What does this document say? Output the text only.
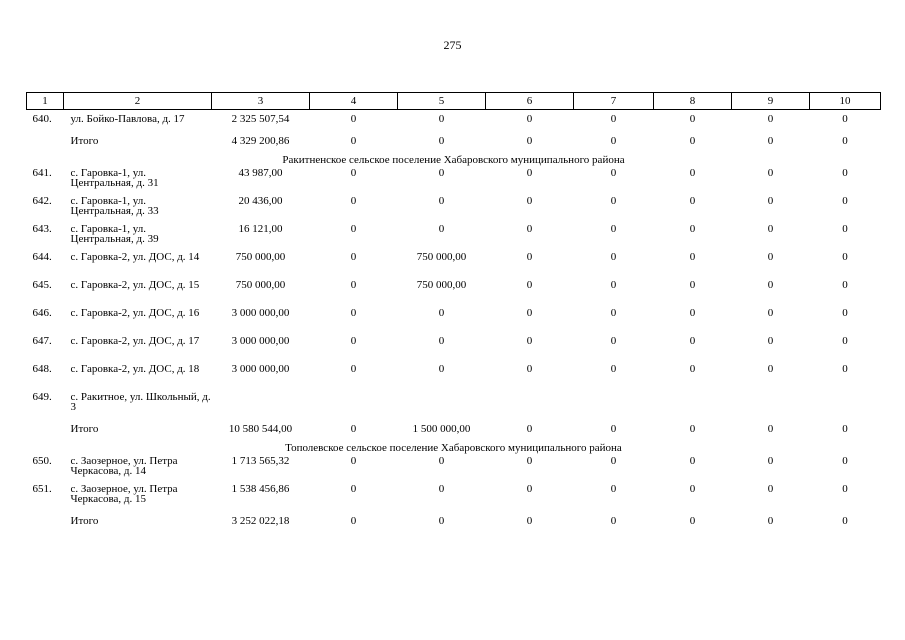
275
1	2	3	4	5	6	7	8	9	10
640.	ул. Бойко-Павлова, д. 17	2 325 507,54	0	0	0	0	0	0	0
	Итого	4 329 200,86	0	0	0	0	0	0	0
Ракитненское сельское поселение Хабаровского муниципального района									
641.	с. Гаровка-1, ул. Центральная, д. 31	43 987,00	0	0	0	0	0	0	0
642.	с. Гаровка-1, ул. Центральная, д. 33	20 436,00	0	0	0	0	0	0	0
643.	с. Гаровка-1, ул. Центральная, д. 39	16 121,00	0	0	0	0	0	0	0
644.	с. Гаровка-2, ул. ДОС, д. 14	750 000,00	0	750 000,00	0	0	0	0	0
645.	с. Гаровка-2, ул. ДОС, д. 15	750 000,00	0	750 000,00	0	0	0	0	0
646.	с. Гаровка-2, ул. ДОС, д. 16	3 000 000,00	0	0	0	0	0	0	0
647.	с. Гаровка-2, ул. ДОС, д. 17	3 000 000,00	0	0	0	0	0	0	0
648.	с. Гаровка-2, ул. ДОС, д. 18	3 000 000,00	0	0	0	0	0	0	0
649.	с. Ракитное, ул. Школьный, д. 3								
	Итого	10 580 544,00	0	1 500 000,00	0	0	0	0	0
Тополевское сельское поселение Хабаровского муниципального района									
650.	с. Заозерное, ул. Петра Черкасова, д. 14	1 713 565,32	0	0	0	0	0	0	0
651.	с. Заозерное, ул. Петра Черкасова, д. 15	1 538 456,86	0	0	0	0	0	0	0
	Итого	3 252 022,18	0	0	0	0	0	0	0
